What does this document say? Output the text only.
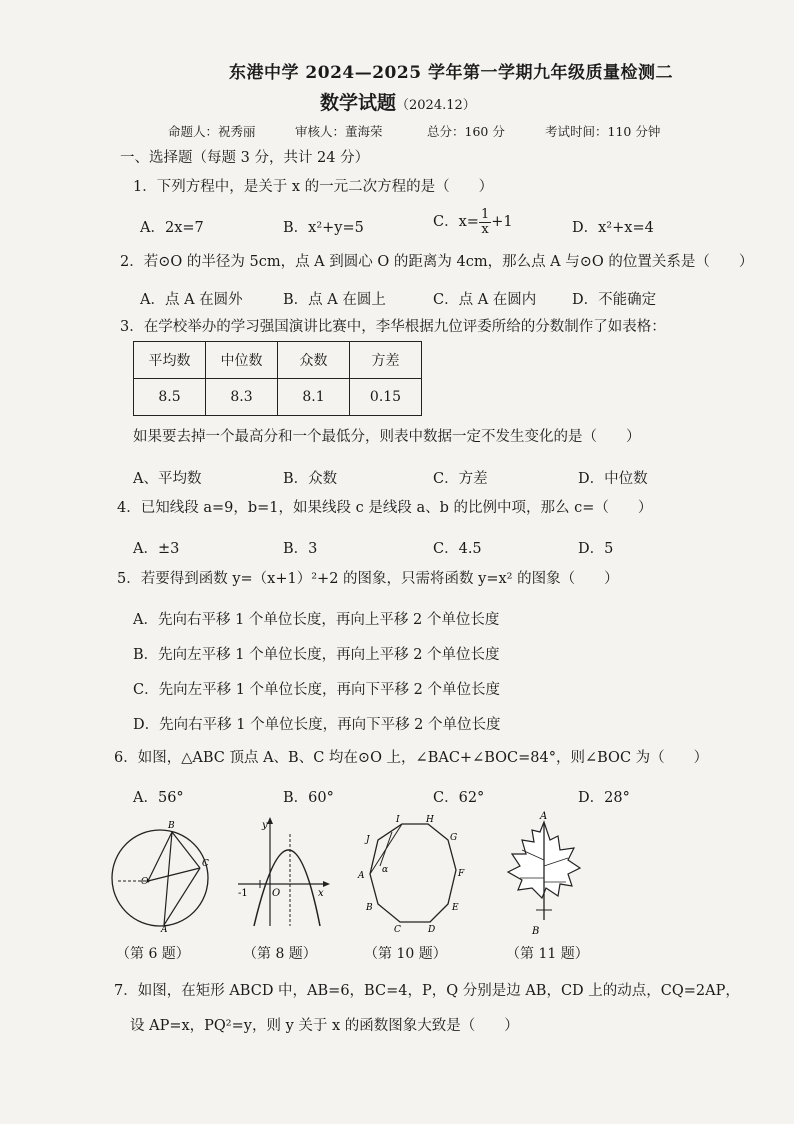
东港中学 2024—2025 学年第一学期九年级质量检测二
数学试题（2024.12）
命题人：祝秀丽	审核人：董海荣	总分：160 分	考试时间：110 分钟
一、选择题（每题 3 分，共计 24 分）
1．下列方程中，是关于 x 的一元二次方程的是（　　）
A．2x=7	B．x²+y=5	C．$x= \frac{1}{x} +1$	D．x²+x=4
2．若⊙O 的半径为 5cm，点 A 到圆心 O 的距离为 4cm，那么点 A 与⊙O 的位置关系是（　　）
A．点 A 在圆外	B．点 A 在圆上	C．点 A 在圆内 D．不能确定
3．在学校举办的学习强国演讲比赛中，李华根据九位评委所给的分数制作了如表格：
平均数	中位数	众数	方差
8.5	8.3	8.1	0.15
如果要去掉一个最高分和一个最低分，则表中数据一定不发生变化的是（　　）
A、平均数	B．众数	C．方差	D．中位数
4．已知线段 a=9，b=1，如果线段 c 是线段 a、b 的比例中项，那么 c=（　　）
A．±3	B．3	C．4.5	D．5
5．若要得到函数 y=（x+1）²+2 的图象，只需将函数 y=x² 的图象（　　）
A．先向右平移 1 个单位长度，再向上平移 2 个单位长度
B．先向左平移 1 个单位长度，再向上平移 2 个单位长度
C．先向左平移 1 个单位长度，再向下平移 2 个单位长度
D．先向右平移 1 个单位长度，再向下平移 2 个单位长度
6．如图，△ABC 顶点 A、B、C 均在⊙O 上，∠BAC+∠BOC=84°，则∠BOC 为（　　）
A．56°	B．60°	C．62°	D．28°
B
C
O
A
y
O
-1	x
I	H
J	G
A	F
B	E
C	D
α
A
B
（第 6 题）	（第 8 题）	（第 10 题）	（第 11 题）
7．如图，在矩形 ABCD 中，AB=6，BC=4，P，Q 分别是边 AB，CD 上的动点，CQ=2AP，
设 AP=x，PQ²=y，则 y 关于 x 的函数图象大致是（　　）
